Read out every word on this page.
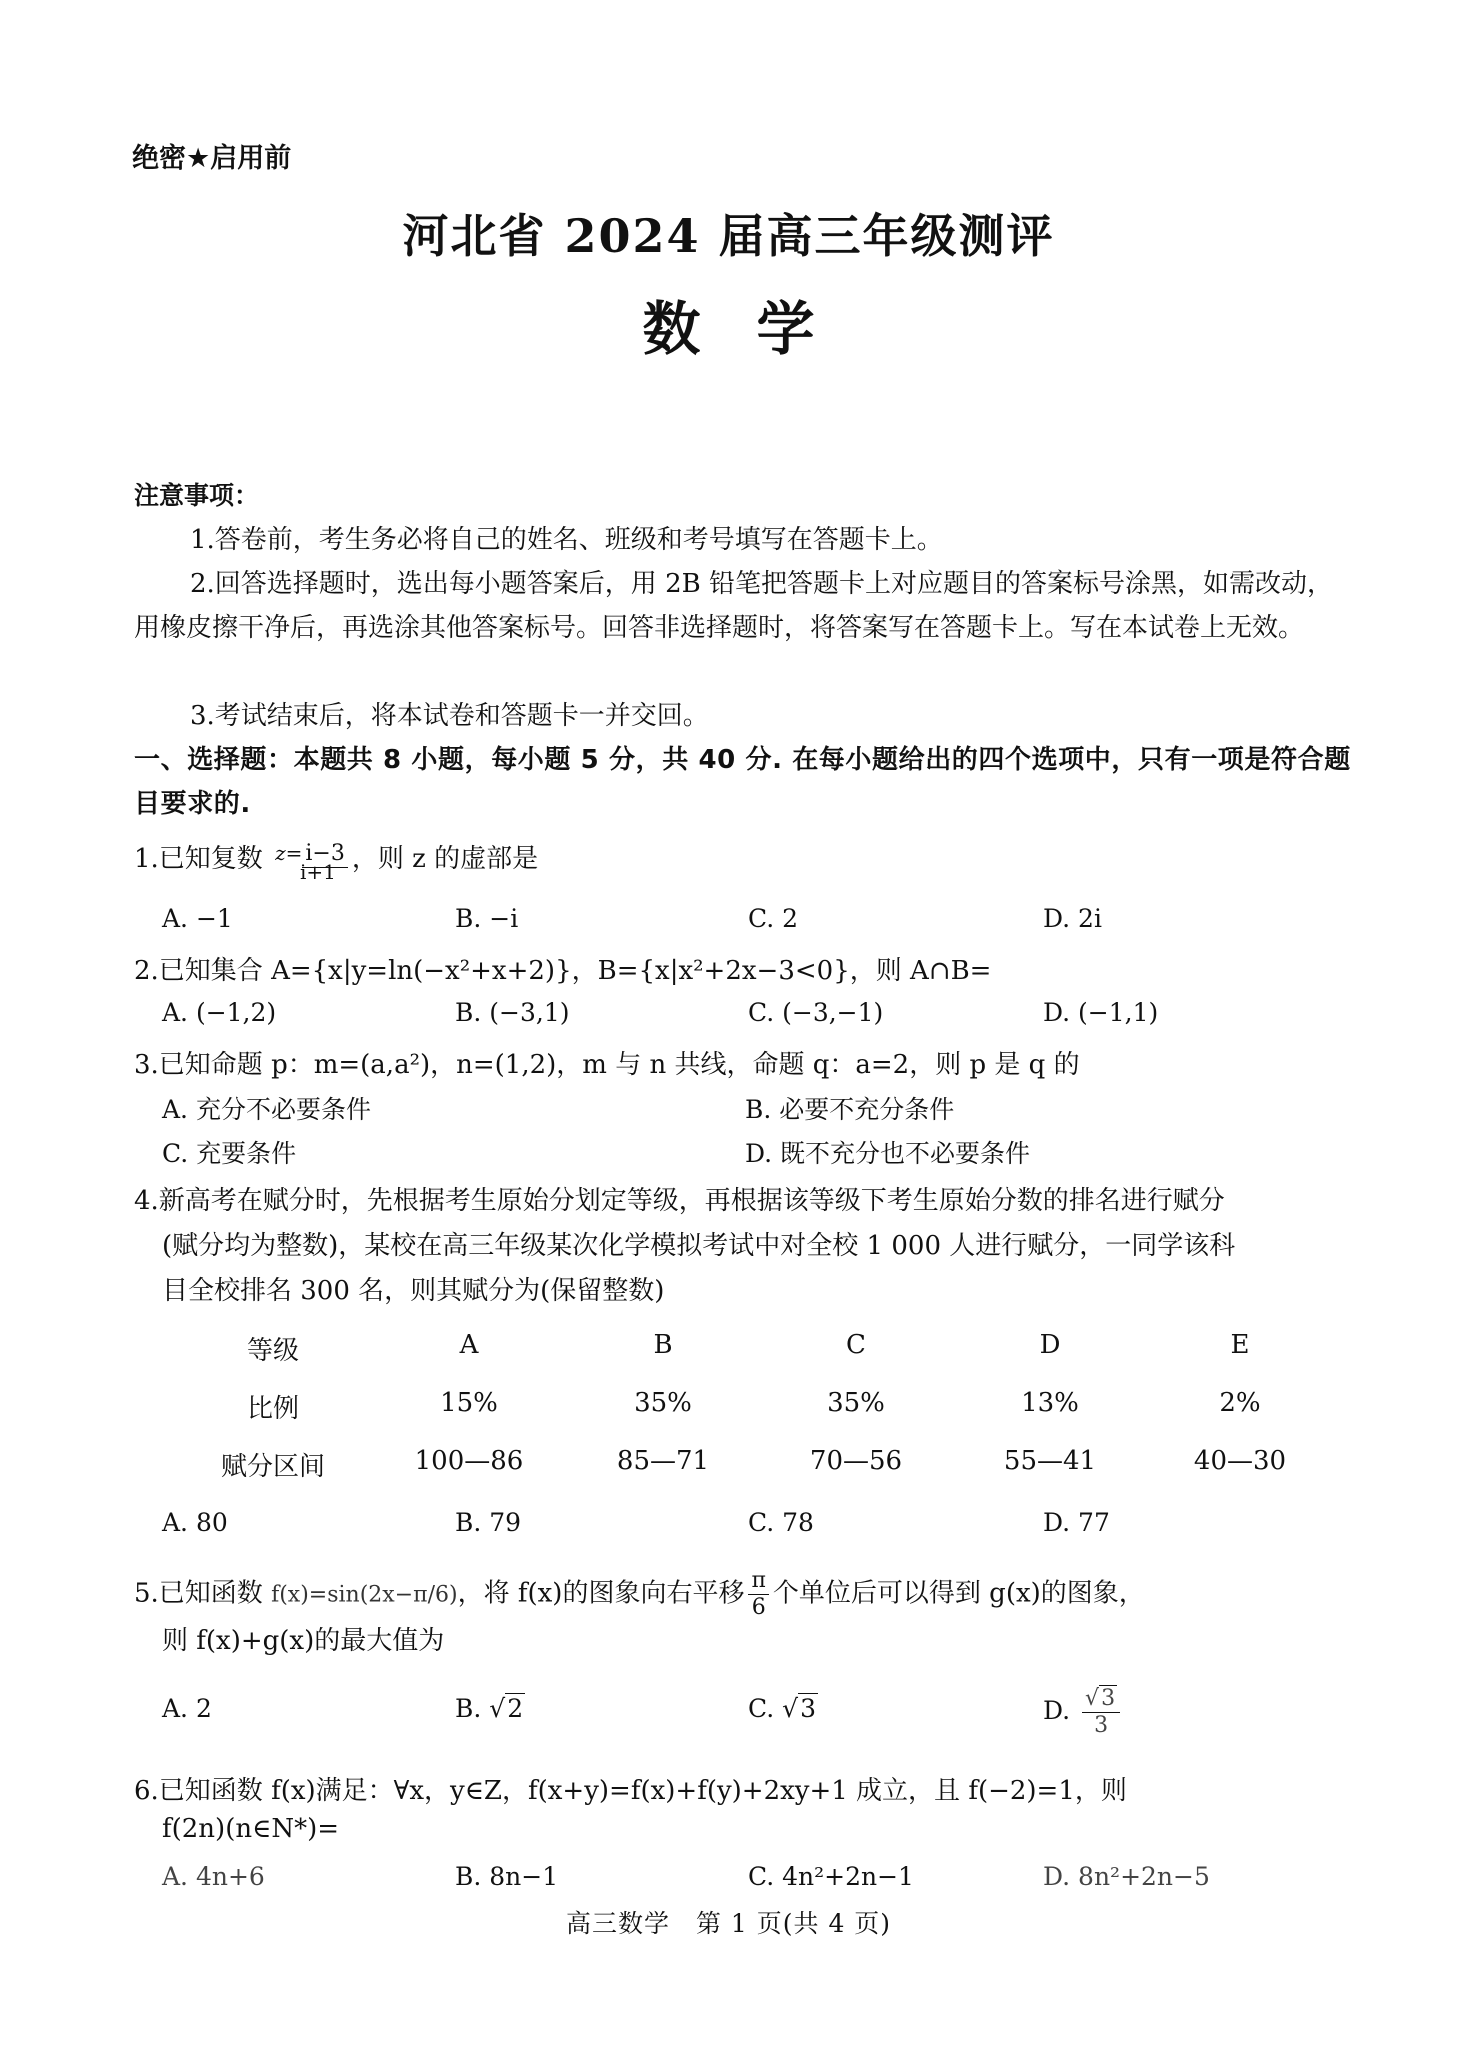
绝密★启用前
河北省 2024 届高三年级测评
数学
注意事项：
1.答卷前，考生务必将自己的姓名、班级和考号填写在答题卡上。
2.回答选择题时，选出每小题答案后，用 2B 铅笔把答题卡上对应题目的答案标号涂黑，如需改动，用橡皮擦干净后，再选涂其他答案标号。回答非选择题时，将答案写在答题卡上。写在本试卷上无效。
3.考试结束后，将本试卷和答题卡一并交回。
一、选择题：本题共 8 小题，每小题 5 分，共 40 分. 在每小题给出的四个选项中，只有一项是符合题目要求的.
1.已知复数 z= i−3 ，则 z 的虚部是
i+1
A. −1	B. −i	C. 2	D. 2i
2.已知集合 A={x|y=ln(−x²+x+2)}，B={x|x²+2x−3<0}，则 A∩B=
A. (−1,2)	B. (−3,1)	C. (−3,−1)	D. (−1,1)
3.已知命题 p：m=(a,a²)，n=(1,2)，m 与 n 共线，命题 q：a=2，则 p 是 q 的
A. 充分不必要条件	B. 必要不充分条件
C. 充要条件	D. 既不充分也不必要条件
4.新高考在赋分时，先根据考生原始分划定等级，再根据该等级下考生原始分数的排名进行赋分
(赋分均为整数)，某校在高三年级某次化学模拟考试中对全校 1 000 人进行赋分，一同学该科
目全校排名 300 名，则其赋分为(保留整数)
等级	A	B	C	D	E
比例	15%	35%	35%	13%	2%
赋分区间	100—86	85—71	70—56	55—41	40—30
A. 80	B. 79	C. 78	D. 77
5.已知函数 f(x)=sin(2x−π/6)，将 f(x)的图象向右平移 $\frac{\pi}{6}$ 个单位后可以得到 g(x)的图象，
则 f(x)+g(x)的最大值为
A. 2	B. √2	C. √3	D. $\frac{√3}{3}$
6.已知函数 f(x)满足：∀x，y∈Z，f(x+y)=f(x)+f(y)+2xy+1 成立，且 f(−2)=1，则
f(2n)(n∈N*)=
A. 4n+6	B. 8n−1	C. 4n²+2n−1	D. 8n²+2n−5
高三数学　第 1 页(共 4 页)
